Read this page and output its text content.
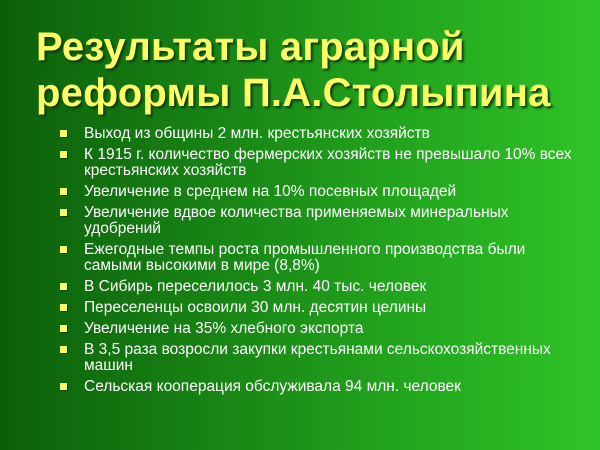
Результаты аграрной
реформы П.А.Столыпина
Выход из общины 2 млн. крестьянских хозяйств
К 1915 г. количество фермерских хозяйств не превышало 10% всех крестьянских хозяйств
Увеличение в среднем на 10% посевных площадей
Увеличение вдвое количества применяемых минеральных удобрений
Ежегодные темпы роста промышленного производства были самыми высокими в мире (8,8%)
В Сибирь переселилось 3 млн. 40 тыс. человек
Переселенцы освоили 30 млн. десятин целины
Увеличение на 35% хлебного экспорта
В 3,5 раза возросли закупки крестьянами сельскохозяйственных машин
Сельская кооперация обслуживала 94 млн. человек
